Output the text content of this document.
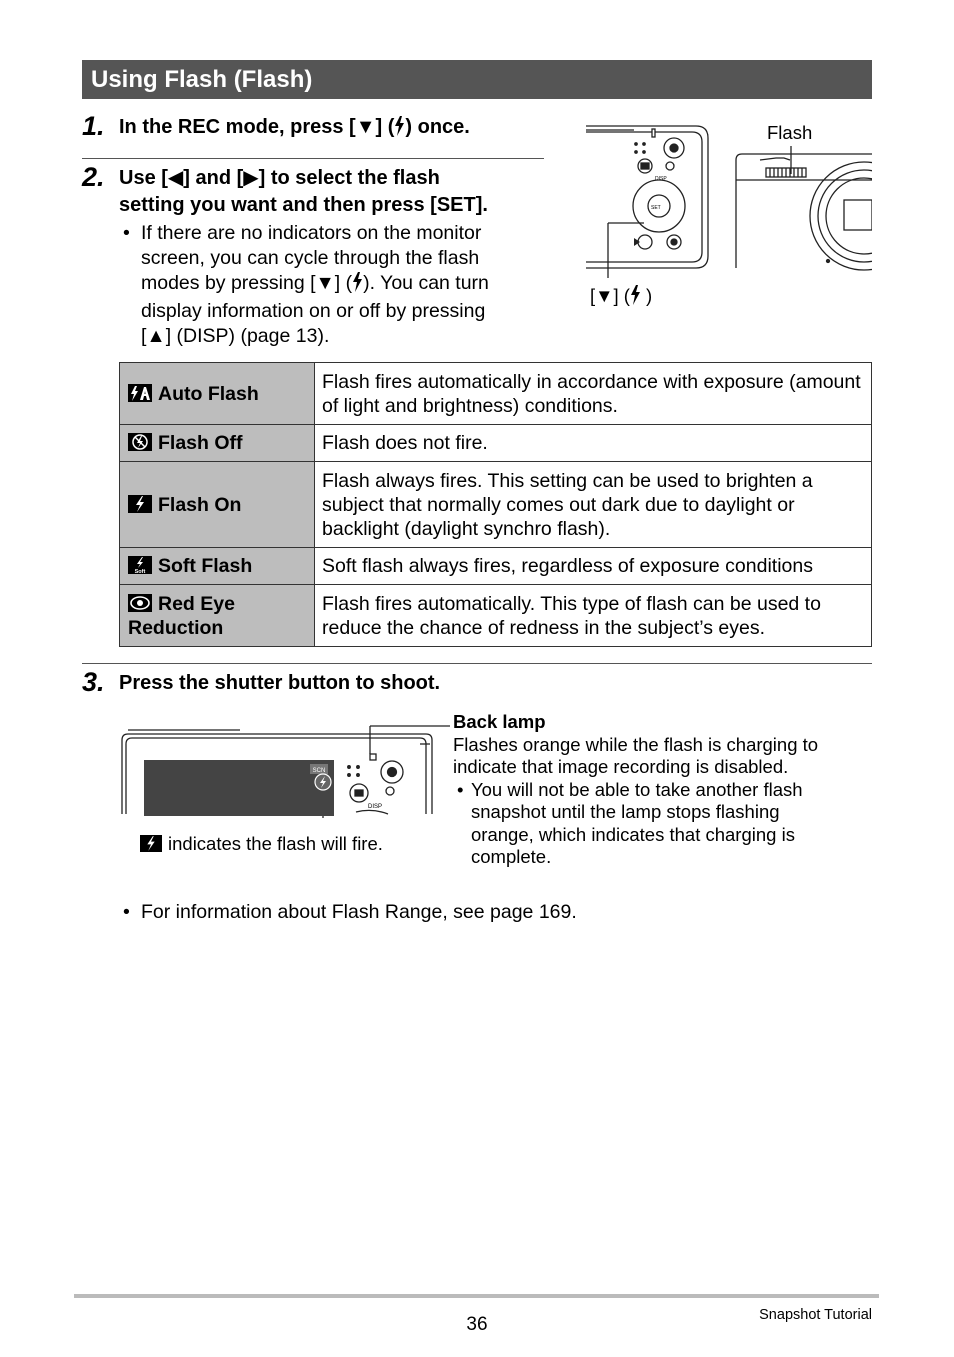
Using Flash (Flash)
1. In the REC mode, press [▼] ( ) once.
2. Use [◀] and [▶] to select the flash
setting you want and then press [SET].
• If there are no indicators on the monitor
screen, you can cycle through the flash
modes by pressing [▼] ( ). You can turn
display information on or off by pressing
[▲] (DISP) (page 13).
DISP
SET
Flash
[▼] ( )
Auto Flash	Flash fires automatically in accordance with exposure (amount of light and brightness) conditions.

Flash Off	Flash does not fire.

Flash On	Flash always fires. This setting can be used to brighten a subject that normally comes out dark due to daylight or backlight (daylight synchro flash).

Soft Soft Flash	Soft flash always fires, regardless of exposure conditions

Red Eye
Reduction	Flash fires automatically. This type of flash can be used to reduce the chance of redness in the subject’s eyes.
3. Press the shutter button to shoot.
SCN
DISP
indicates the flash will fire.
Back lamp
Flashes orange while the flash is charging to
indicate that image recording is disabled.
• You will not be able to take another flash
snapshot until the lamp stops flashing
orange, which indicates that charging is
complete.
• For information about Flash Range, see page 169.
36	Snapshot Tutorial
